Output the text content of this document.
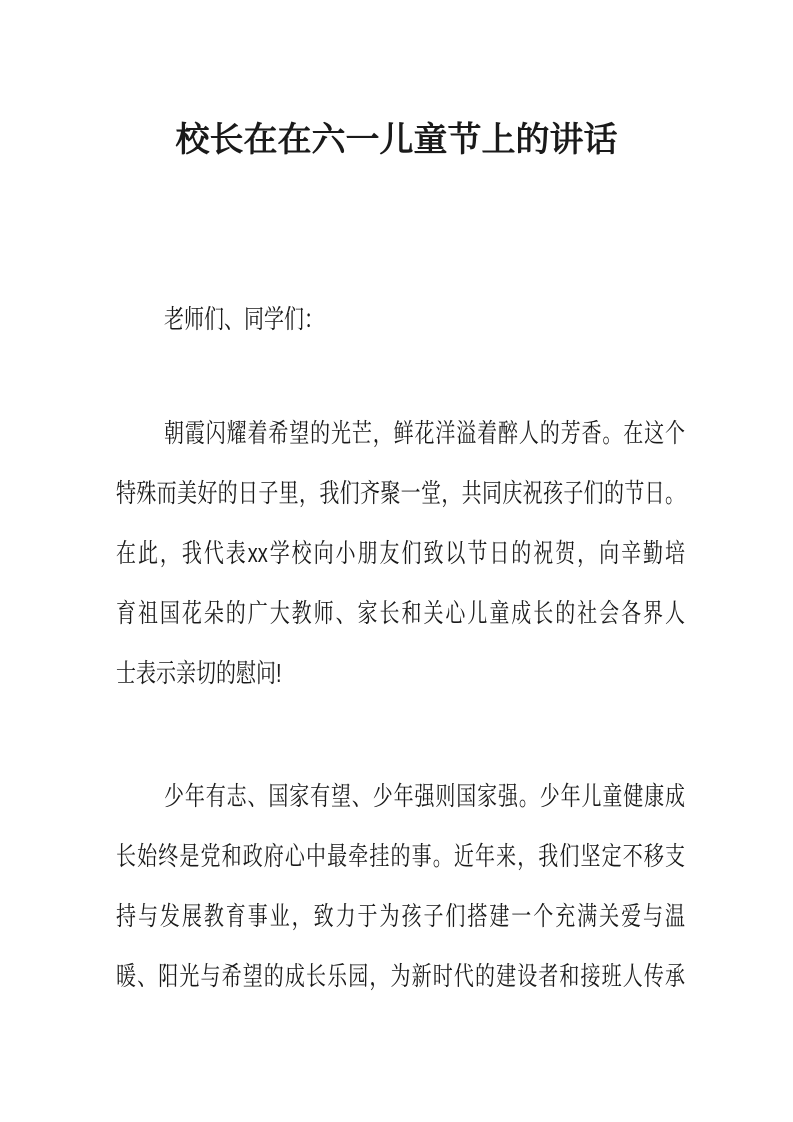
校长在在六一儿童节上的讲话
老师们、同学们：
朝霞闪耀着希望的光芒，鲜花洋溢着醉人的芳香。在这个
特殊而美好的日子里，我们齐聚一堂，共同庆祝孩子们的节日。
在此，我代表xx学校向小朋友们致以节日的祝贺，向辛勤培
育祖国花朵的广大教师、家长和关心儿童成长的社会各界人
士表示亲切的慰问!
少年有志、国家有望、少年强则国家强。少年儿童健康成
长始终是党和政府心中最牵挂的事。近年来，我们坚定不移支
持与发展教育事业，致力于为孩子们搭建一个充满关爱与温
暖、阳光与希望的成长乐园，为新时代的建设者和接班人传承
